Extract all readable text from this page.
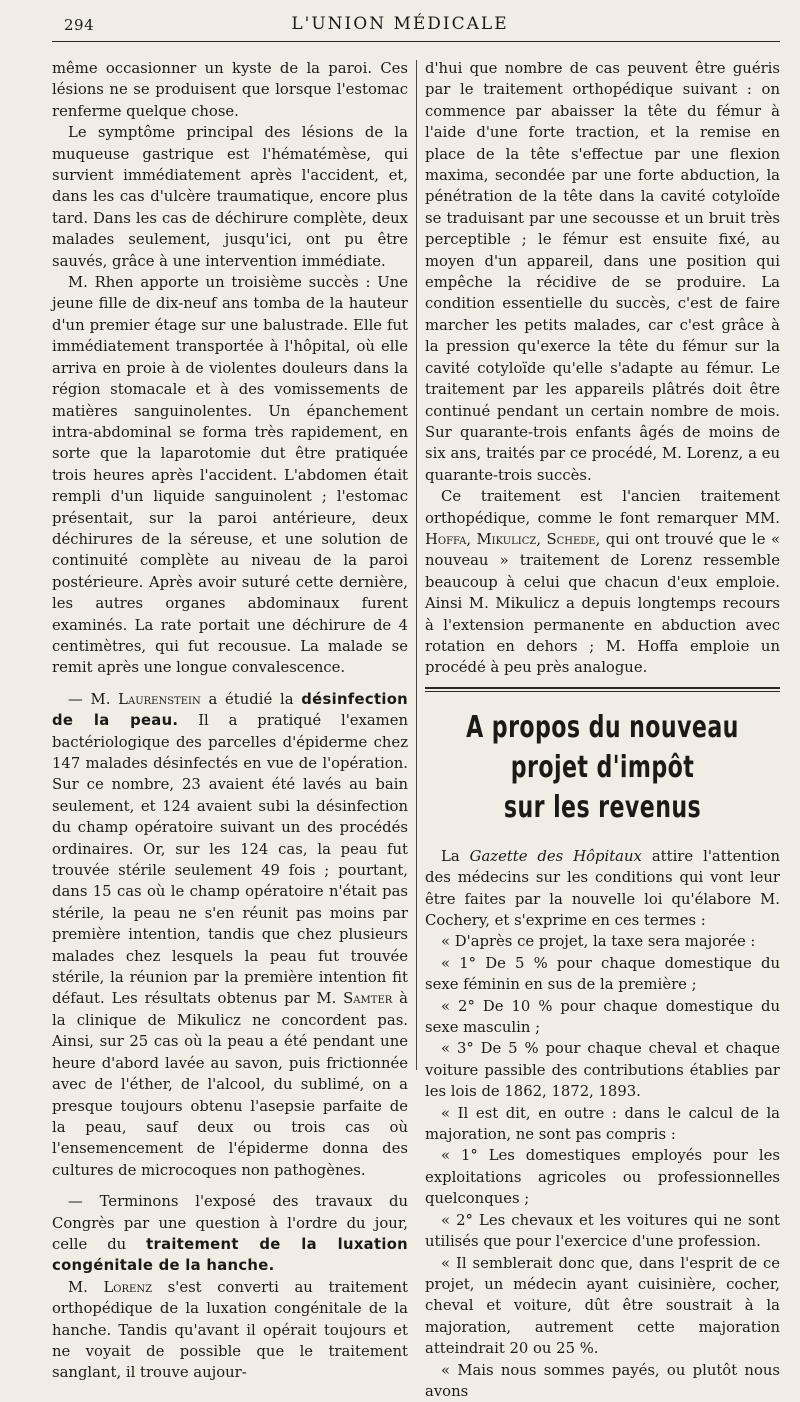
294	L'UNION MÉDICALE

même occasionner un kyste de la paroi. Ces lésions ne se produisent que lorsque l'estomac renferme quelque chose.

Le symptôme principal des lésions de la muqueuse gastrique est l'hématémèse, qui survient immédiatement après l'accident, et, dans les cas d'ulcère traumatique, encore plus tard. Dans les cas de déchirure complète, deux malades seulement, jusqu'ici, ont pu être sauvés, grâce à une intervention immédiate.

M. Rhen apporte un troisième succès : Une jeune fille de dix-neuf ans tomba de la hauteur d'un premier étage sur une balustrade. Elle fut immédiatement transportée à l'hôpital, où elle arriva en proie à de violentes douleurs dans la région stomacale et à des vomissements de matières sanguinolentes. Un épanchement intra-abdominal se forma très rapidement, en sorte que la laparotomie dut être pratiquée trois heures après l'accident. L'abdomen était rempli d'un liquide sanguinolent ; l'estomac présentait, sur la paroi antérieure, deux déchirures de la séreuse, et une solution de continuité complète au niveau de la paroi postérieure. Après avoir suturé cette dernière, les autres organes abdominaux furent examinés. La rate portait une déchirure de 4 centimètres, qui fut recousue. La malade se remit après une longue convalescence.

— M. Laurenstein a étudié la désinfection de la peau. Il a pratiqué l'examen bactériologique des parcelles d'épiderme chez 147 malades désinfectés en vue de l'opération. Sur ce nombre, 23 avaient été lavés au bain seulement, et 124 avaient subi la désinfection du champ opératoire suivant un des procédés ordinaires. Or, sur les 124 cas, la peau fut trouvée stérile seulement 49 fois ; pourtant, dans 15 cas où le champ opératoire n'était pas stérile, la peau ne s'en réunit pas moins par première intention, tandis que chez plusieurs malades chez lesquels la peau fut trouvée stérile, la réunion par la première intention fit défaut. Les résultats obtenus par M. Samter à la clinique de Mikulicz ne concordent pas. Ainsi, sur 25 cas où la peau a été pendant une heure d'abord lavée au savon, puis frictionnée avec de l'éther, de l'alcool, du sublimé, on a presque toujours obtenu l'asepsie parfaite de la peau, sauf deux ou trois cas où l'ensemencement de l'épiderme donna des cultures de microcoques non pathogènes.

— Terminons l'exposé des travaux du Congrès par une question à l'ordre du jour, celle du traitement de la luxation congénitale de la hanche.

M. Lorenz s'est converti au traitement orthopédique de la luxation congénitale de la hanche. Tandis qu'avant il opérait toujours et ne voyait de possible que le traitement sanglant, il trouve aujour-

d'hui que nombre de cas peuvent être guéris par le traitement orthopédique suivant : on commence par abaisser la tête du fémur à l'aide d'une forte traction, et la remise en place de la tête s'effectue par une flexion maxima, secondée par une forte abduction, la pénétration de la tête dans la cavité cotyloïde se traduisant par une secousse et un bruit très perceptible ; le fémur est ensuite fixé, au moyen d'un appareil, dans une position qui empêche la récidive de se produire. La condition essentielle du succès, c'est de faire marcher les petits malades, car c'est grâce à la pression qu'exerce la tête du fémur sur la cavité cotyloïde qu'elle s'adapte au fémur. Le traitement par les appareils plâtrés doit être continué pendant un certain nombre de mois. Sur quarante-trois enfants âgés de moins de six ans, traités par ce procédé, M. Lorenz, a eu quarante-trois succès.

Ce traitement est l'ancien traitement orthopédique, comme le font remarquer MM. Hoffa, Mikulicz, Schede, qui ont trouvé que le « nouveau » traitement de Lorenz ressemble beaucoup à celui que chacun d'eux emploie. Ainsi M. Mikulicz a depuis longtemps recours à l'extension permanente en abduction avec rotation en dehors ; M. Hoffa emploie un procédé à peu près analogue.

A propos du nouveau projet d'impôt
sur les revenus

La Gazette des Hôpitaux attire l'attention des médecins sur les conditions qui vont leur être faites par la nouvelle loi qu'élabore M. Cochery, et s'exprime en ces termes :

« D'après ce projet, la taxe sera majorée :

« 1° De 5 % pour chaque domestique du sexe féminin en sus de la première ;

« 2° De 10 % pour chaque domestique du sexe masculin ;

« 3° De 5 % pour chaque cheval et chaque voiture passible des contributions établies par les lois de 1862, 1872, 1893.

« Il est dit, en outre : dans le calcul de la majoration, ne sont pas compris :

« 1° Les domestiques employés pour les exploitations agricoles ou professionnelles quelconques ;

« 2° Les chevaux et les voitures qui ne sont utilisés que pour l'exercice d'une profession.

« Il semblerait donc que, dans l'esprit de ce projet, un médecin ayant cuisinière, cocher, cheval et voiture, dût être soustrait à la majoration, autrement cette majoration atteindrait 20 ou 25 %.

« Mais nous sommes payés, ou plutôt nous avons
